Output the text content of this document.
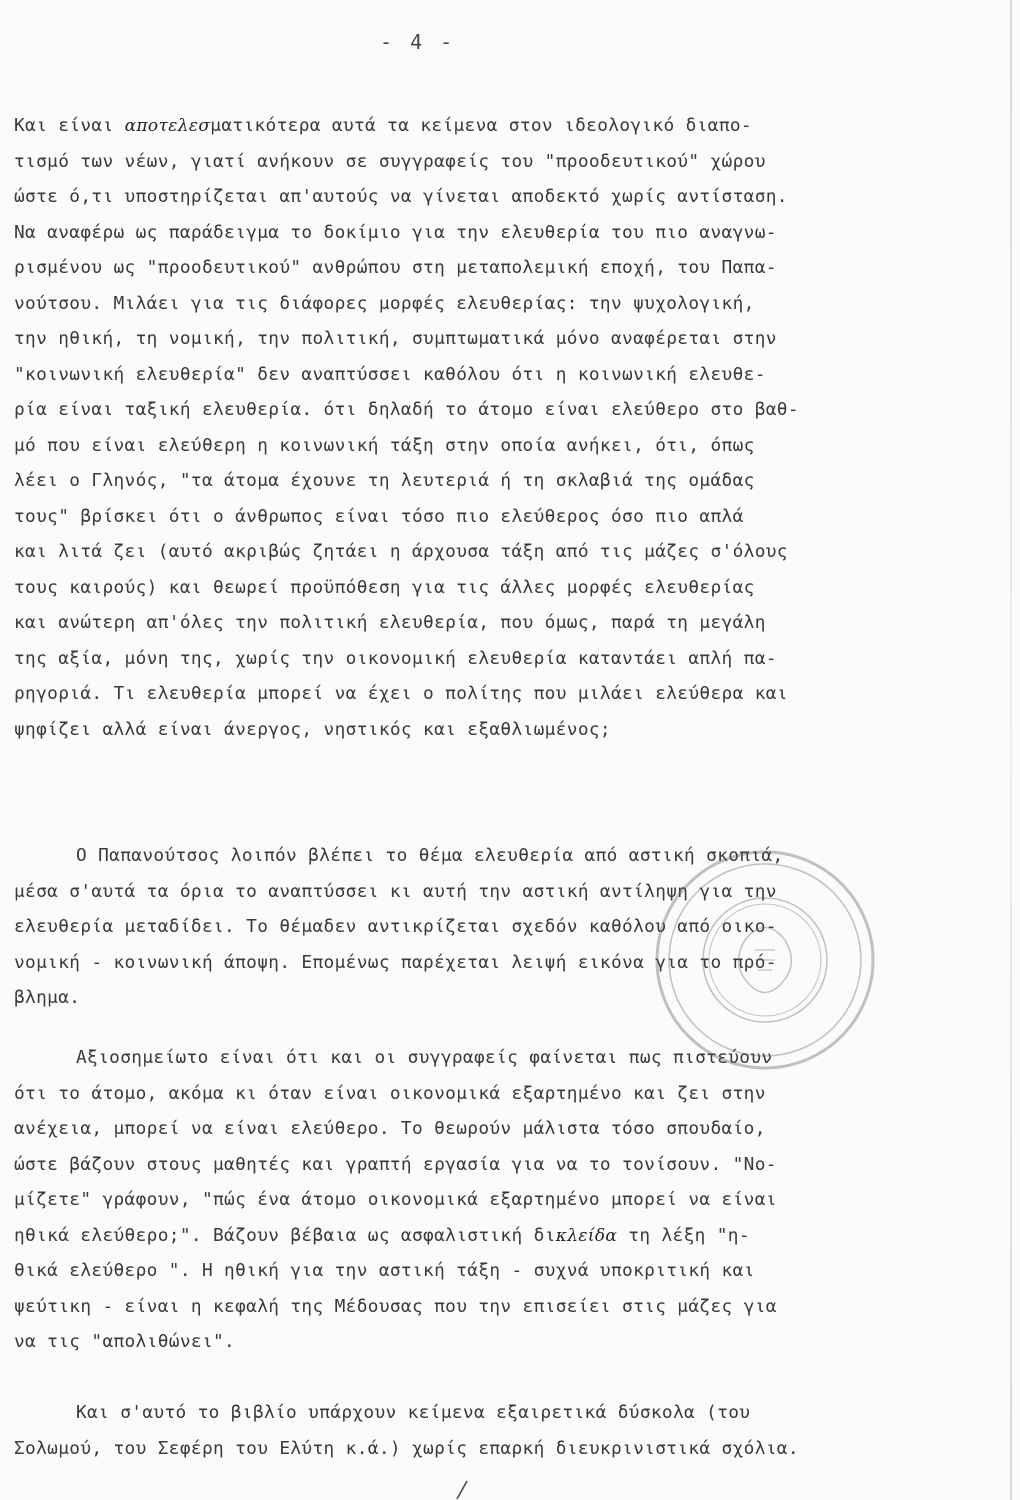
- 4 -
Και είναι αποτελεσματικότερα αυτά τα κείμενα στον ιδεολογικό διαπο-
τισμό των νέων, γιατί ανήκουν σε συγγραφείς του "προοδευτικού" χώρου
ώστε ό,τι υποστηρίζεται απ'αυτούς να γίνεται αποδεκτό χωρίς αντίσταση.
Να αναφέρω ως παράδειγμα το δοκίμιο για την ελευθερία του πιο αναγνω-
ρισμένου ως "προοδευτικού" ανθρώπου στη μεταπολεμική εποχή, του Παπα-
νούτσου. Μιλάει για τις διάφορες μορφές ελευθερίας: την ψυχολογική,
την ηθική, τη νομική, την πολιτική, συμπτωματικά μόνο αναφέρεται στην
"κοινωνική ελευθερία" δεν αναπτύσσει καθόλου ότι η κοινωνική ελευθε-
ρία είναι ταξική ελευθερία. ότι δηλαδή το άτομο είναι ελεύθερο στο βαθ-
μό που είναι ελεύθερη η κοινωνική τάξη στην οποία ανήκει, ότι, όπως
λέει ο Γληνός, "τα άτομα έχουνε τη λευτεριά ή τη σκλαβιά της ομάδας
τους" βρίσκει ότι ο άνθρωπος είναι τόσο πιο ελεύθερος όσο πιο απλά
και λιτά ζει (αυτό ακριβώς ζητάει η άρχουσα τάξη από τις μάζες σ'όλους
τους καιρούς) και θεωρεί προϋπόθεση για τις άλλες μορφές ελευθερίας
και ανώτερη απ'όλες την πολιτική ελευθερία, που όμως, παρά τη μεγάλη
της αξία, μόνη της, χωρίς την οικονομική ελευθερία καταντάει απλή πα-
ρηγοριά. Τι ελευθερία μπορεί να έχει ο πολίτης που μιλάει ελεύθερα και
ψηφίζει αλλά είναι άνεργος, νηστικός και εξαθλιωμένος;
Ο Παπανούτσος λοιπόν βλέπει το θέμα ελευθερία από αστική σκοπιά,
μέσα σ'αυτά τα όρια το αναπτύσσει κι αυτή την αστική αντίληψη για την
ελευθερία μεταδίδει. Το θέμαδεν αντικρίζεται σχεδόν καθόλου από οικο-
νομική - κοινωνική άποψη. Επομένως παρέχεται λειψή εικόνα για το πρό-
βλημα.
Αξιοσημείωτο είναι ότι και οι συγγραφείς φαίνεται πως πιστεύουν
ότι το άτομο, ακόμα κι όταν είναι οικονομικά εξαρτημένο και ζει στην
ανέχεια, μπορεί να είναι ελεύθερο. Το θεωρούν μάλιστα τόσο σπουδαίο,
ώστε βάζουν στους μαθητές και γραπτή εργασία για να το τονίσουν. "Νο-
μίζετε" γράφουν, "πώς ένα άτομο οικονομικά εξαρτημένο μπορεί να είναι
ηθικά ελεύθερο;". Βάζουν βέβαια ως ασφαλιστική δικλείδα τη λέξη "η-
θικά ελεύθερο ". Η ηθική για την αστική τάξη - συχνά υποκριτική και
ψεύτικη - είναι η κεφαλή της Μέδουσας που την επισείει στις μάζες για
να τις "απολιθώνει".
Και σ'αυτό το βιβλίο υπάρχουν κείμενα εξαιρετικά δύσκολα (του
Σολωμού, του Σεφέρη του Ελύτη κ.ά.) χωρίς επαρκή διευκρινιστικά σχόλια.
